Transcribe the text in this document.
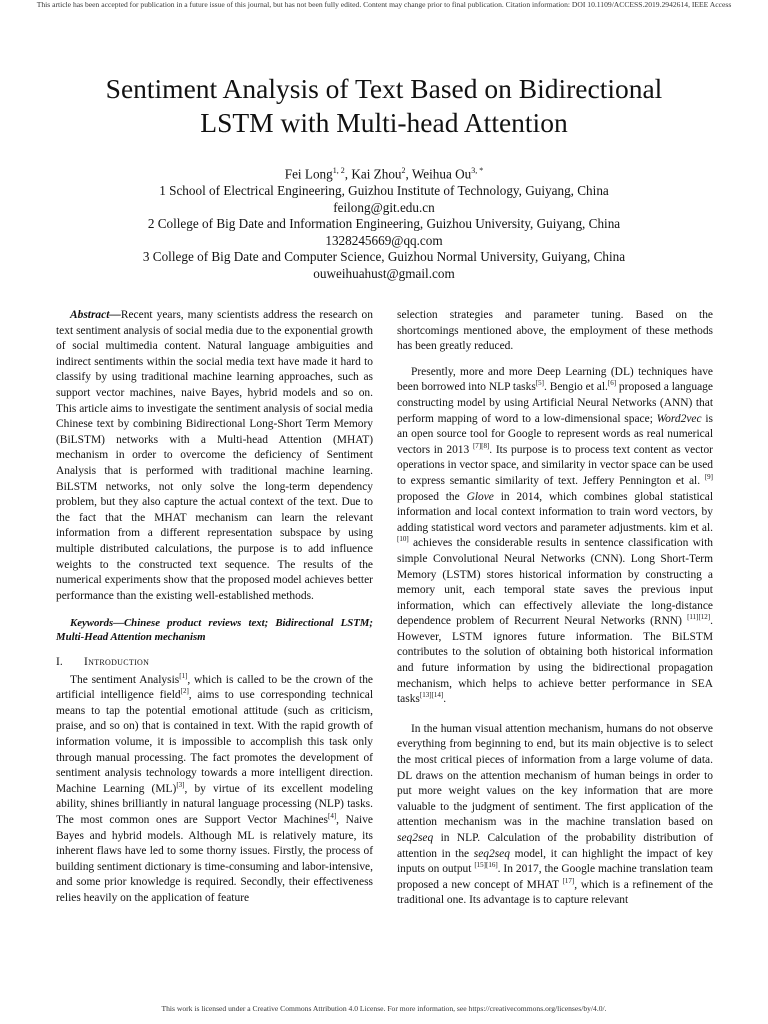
This article has been accepted for publication in a future issue of this journal, but has not been fully edited. Content may change prior to final publication. Citation information: DOI 10.1109/ACCESS.2019.2942614, IEEE Access
Sentiment Analysis of Text Based on Bidirectional
LSTM with Multi-head Attention
Fei Long$^{1, 2}$, Kai Zhou$^2$, Weihua $Ou^{3, *}$
1 School of Electrical Engineering, Guizhou Institute of Technology, Guiyang, China
feilong@git.edu.cn
2 College of Big Date and Information Engineering, Guizhou University, Guiyang, China
1328245669@qq.com
3 College of Big Date and Computer Science, Guizhou Normal University, Guiyang, China
ouweihuahust@gmail.com

Abstract—Recent years, many scientists address the research on text sentiment analysis of social media due to the exponential growth of social multimedia content. Natural language ambiguities and indirect sentiments within the social media text have made it hard to classify by using traditional machine learning approaches, such as support vector machines, naive Bayes, hybrid models and so on. This article aims to investigate the sentiment analysis of social media Chinese text by combining Bidirectional Long-Short Term Memory (BiLSTM) networks with a Multi-head Attention (MHAT) mechanism in order to overcome the deficiency of Sentiment Analysis that is performed with traditional machine learning. BiLSTM networks, not only solve the long-term dependency problem, but they also capture the actual context of the text. Due to the fact that the MHAT mechanism can learn the relevant information from a different representation subspace by using multiple distributed calculations, the purpose is to add influence weights to the constructed text sequence. The results of the numerical experiments show that the proposed model achieves better performance than the existing well-established methods.

Keywords—Chinese product reviews text; Bidirectional LSTM; Multi-Head Attention mechanism

I. Introduction

The sentiment Analysis[1], which is called to be the crown of the artificial intelligence field[2], aims to use corresponding technical means to tap the potential emotional attitude (such as criticism, praise, and so on) that is contained in text. With the rapid growth of information volume, it is impossible to accomplish this task only through manual processing. The fact promotes the development of sentiment analysis technology towards a more intelligent direction. Machine Learning (ML)[3], by virtue of its excellent modeling ability, shines brilliantly in natural language processing (NLP) tasks. The most common ones are Support Vector Machines[4], Naive Bayes and hybrid models. Although ML is relatively mature, its inherent flaws have led to some thorny issues. Firstly, the process of building sentiment dictionary is time-consuming and labor-intensive, and some prior knowledge is required. Secondly, their effectiveness relies heavily on the application of feature

selection strategies and parameter tuning. Based on the shortcomings mentioned above, the employment of these methods has been greatly reduced.

Presently, more and more Deep Learning (DL) techniques have been borrowed into NLP tasks[5]. Bengio et al.[6] proposed a language constructing model by using Artificial Neural Networks (ANN) that perform mapping of word to a low-dimensional space; Word2vec is an open source tool for Google to represent words as real numerical vectors in 2013 [7][8]. Its purpose is to process text content as vector operations in vector space, and similarity in vector space can be used to express semantic similarity of text. Jeffery Pennington et al. [9] proposed the Glove in 2014, which combines global statistical information and local context information to train word vectors, by adding statistical word vectors and parameter adjustments. kim et al.[10] achieves the considerable results in sentence classification with simple Convolutional Neural Networks (CNN). Long Short-Term Memory (LSTM) stores historical information by constructing a memory unit, each temporal state saves the previous input information, which can effectively alleviate the long-distance dependence problem of Recurrent Neural Networks (RNN) [11][12]. However, LSTM ignores future information. The BiLSTM contributes to the solution of obtaining both historical information and future information by using the bidirectional propagation mechanism, which helps to achieve better performance in SEA tasks[13][14].

In the human visual attention mechanism, humans do not observe everything from beginning to end, but its main objective is to select the most critical pieces of information from a large volume of data. DL draws on the attention mechanism of human beings in order to put more weight values on the key information that are more valuable to the judgment of sentiment. The first application of the attention mechanism was in the machine translation based on seq2seq in NLP. Calculation of the probability distribution of attention in the seq2seq model, it can highlight the impact of key inputs on output [15][16]. In 2017, the Google machine translation team proposed a new concept of MHAT [17], which is a refinement of the traditional one. Its advantage is to capture relevant

This work is licensed under a Creative Commons Attribution 4.0 License. For more information, see https://creativecommons.org/licenses/by/4.0/.
